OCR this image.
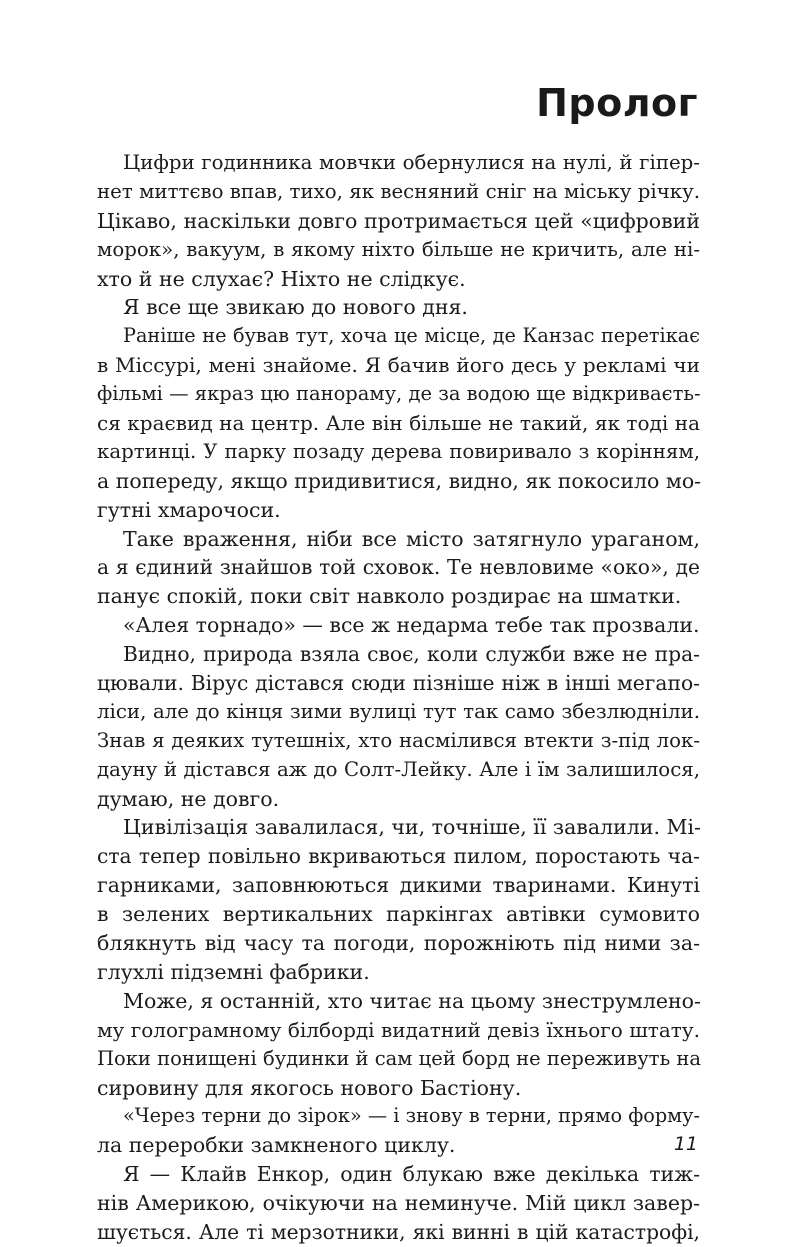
Пролог
Цифри годинника мовчки обернулися на нулі, й гіпер-
нет миттєво впав, тихо, як весняний сніг на міську річку.
Цікаво, наскільки довго протримається цей «цифровий
морок», вакуум, в якому ніхто більше не кричить, але ні-
хто й не слухає? Ніхто не слідкує.
Я все ще звикаю до нового дня.
Раніше не бував тут, хоча це місце, де Канзас перетікає
в Міссурі, мені знайоме. Я бачив його десь у рекламі чи
фільмі — якраз цю панораму, де за водою ще відкриваєть-
ся краєвид на центр. Але він більше не такий, як тоді на
картинці. У парку позаду дерева повиривало з корінням,
а попереду, якщо придивитися, видно, як покосило мо-
гутні хмарочоси.
Таке враження, ніби все місто затягнуло ураганом,
а я єдиний знайшов той сховок. Те невловиме «око», де
панує спокій, поки світ навколо роздирає на шматки.
«Алея торнадо» — все ж недарма тебе так прозвали.
Видно, природа взяла своє, коли служби вже не пра-
цювали. Вірус дістався сюди пізніше ніж в інші мегапо-
ліси, але до кінця зими вулиці тут так само збезлюдніли.
Знав я деяких тутешніх, хто насмілився втекти з-під лок-
дауну й дістався аж до Солт-Лейку. Але і їм залишилося,
думаю, не довго.
Цивілізація завалилася, чи, точніше, її завалили. Мі-
ста тепер повільно вкриваються пилом, поростають ча-
гарниками, заповнюються дикими тваринами. Кинуті
в зелених вертикальних паркінгах автівки сумовито
блякнуть від часу та погоди, порожніють під ними за-
глухлі підземні фабрики.
Може, я останній, хто читає на цьому знеструмлено-
му голограмному білборді видатний девіз їхнього штату.
Поки понищені будинки й сам цей борд не переживуть на
сировину для якогось нового Бастіону.
«Через терни до зірок» — і знову в терни, прямо форму-
ла переробки замкненого циклу.
Я — Клайв Енкор, один блукаю вже декілька тиж-
нів Америкою, очікуючи на неминуче. Мій цикл завер-
шується. Але ті мерзотники, які винні в цій катастрофі,
11
